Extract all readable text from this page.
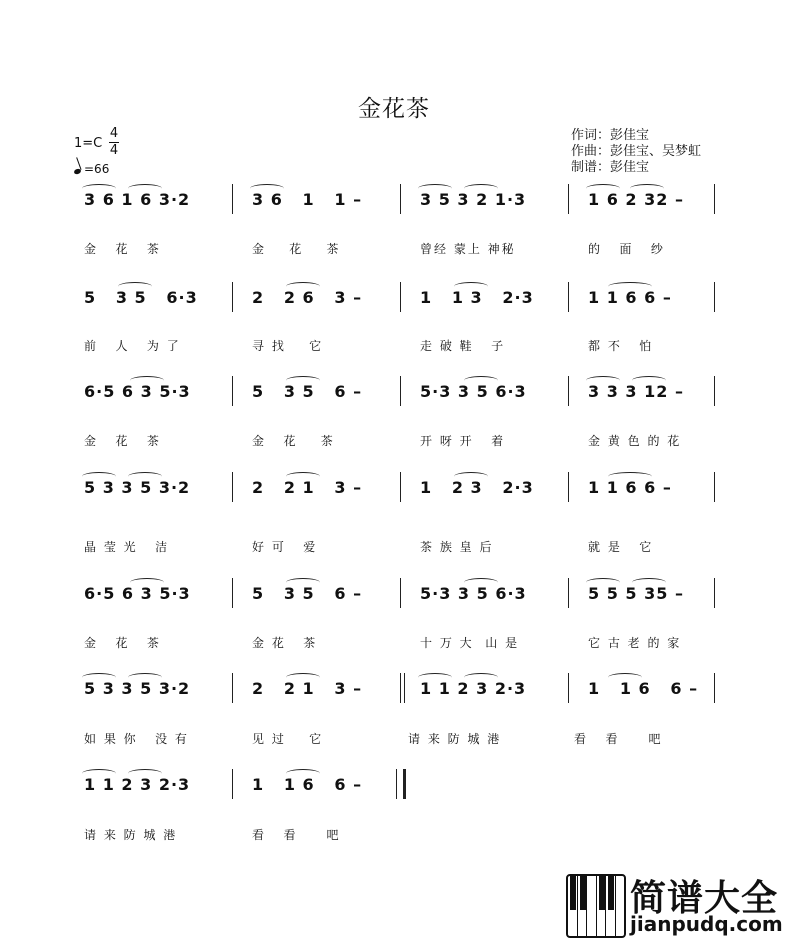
金花茶
1=C
4
4
=66
作词：彭佳宝
作曲：彭佳宝、吴梦虹
制谱：彭佳宝
3 6 1 6 3·2	3 6   1   1 –	3 5 3 2 1·3	1 6 2 32 –
金   花   茶	金    花    茶	曾经 蒙上 神秘	的   面   纱
5   3 5   6·3	2   2 6   3 –	1   1 3   2·3	1 1 6 6 –
前   人   为 了	寻 找    它	走 破 鞋   子	都 不   怕
6·5 6 3 5·3	5   3 5   6 –	5·3 3 5 6·3	3 3 3 12 –
金   花   茶	金   花    茶	开 呀 开   着	金 黄 色 的 花
5 3 3 5 3·2	2   2 1   3 –	1   2 3   2·3	1 1 6 6 –
晶 莹 光   洁	好 可   爱	茶 族 皇 后	就 是   它
6·5 6 3 5·3	5   3 5   6 –	5·3 3 5 6·3	5 5 5 35 –
金   花   茶	金 花   茶	十 万 大  山 是	它 古 老 的 家
5 3 3 5 3·2	2   2 1   3 –	1 1 2 3 2·3	1   1 6   6 –
如 果 你   没 有	见 过    它	请 来 防 城 港	看   看     吧
1 1 2 3 2·3	1   1 6   6 –
请 来 防 城 港	看   看     吧
简谱大全
jianpudq.com
